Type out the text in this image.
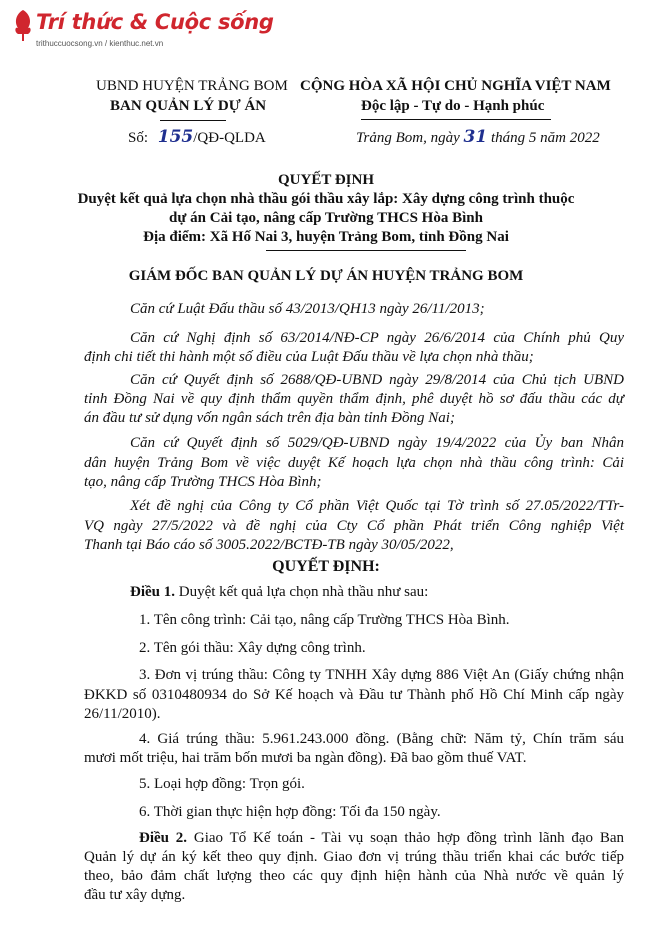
Trí thức & Cuộc sống
trithuccuocsong.vn / kienthuc.net.vn
UBND HUYỆN TRẢNG BOM
BAN QUẢN LÝ DỰ ÁN
CỘNG HÒA XÃ HỘI CHỦ NGHĨA VIỆT NAM
Độc lập - Tự do - Hạnh phúc
Số: 155/QĐ-QLDA	Trảng Bom, ngày 31 tháng 5 năm 2022
QUYẾT ĐỊNH
Duyệt kết quả lựa chọn nhà thầu gói thầu xây lắp: Xây dựng công trình thuộc
dự án Cải tạo, nâng cấp Trường THCS Hòa Bình
Địa điểm: Xã Hố Nai 3, huyện Trảng Bom, tỉnh Đồng Nai
GIÁM ĐỐC BAN QUẢN LÝ DỰ ÁN HUYỆN TRẢNG BOM
Căn cứ Luật Đấu thầu số 43/2013/QH13 ngày 26/11/2013;
Căn cứ Nghị định số 63/2014/NĐ-CP ngày 26/6/2014 của Chính phủ Quy
định chi tiết thi hành một số điều của Luật Đấu thầu về lựa chọn nhà thầu;
Căn cứ Quyết định số 2688/QĐ-UBND ngày 29/8/2014 của Chủ tịch UBND
tỉnh Đồng Nai về quy định thẩm quyền thẩm định, phê duyệt hồ sơ đấu thầu các dự
án đầu tư sử dụng vốn ngân sách trên địa bàn tỉnh Đồng Nai;
Căn cứ Quyết định số 5029/QĐ-UBND ngày 19/4/2022 của Ủy ban Nhân
dân huyện Trảng Bom về việc duyệt Kế hoạch lựa chọn nhà thầu công trình: Cải
tạo, nâng cấp Trường THCS Hòa Bình;
Xét đề nghị của Công ty Cổ phần Việt Quốc tại Tờ trình số 27.05/2022/TTr-
VQ ngày 27/5/2022 và đề nghị của Cty Cổ phần Phát triển Công nghiệp Việt
Thanh tại Báo cáo số 3005.2022/BCTĐ-TB ngày 30/05/2022,
QUYẾT ĐỊNH:
Điều 1. Duyệt kết quả lựa chọn nhà thầu như sau:
1. Tên công trình: Cải tạo, nâng cấp Trường THCS Hòa Bình.
2. Tên gói thầu: Xây dựng công trình.
3. Đơn vị trúng thầu: Công ty TNHH Xây dựng 886 Việt An (Giấy chứng nhận
ĐKKD số 0310480934 do Sở Kế hoạch và Đầu tư Thành phố Hồ Chí Minh cấp ngày
26/11/2010).
4. Giá trúng thầu: 5.961.243.000 đồng. (Bằng chữ: Năm tỷ, Chín trăm sáu
mươi mốt triệu, hai trăm bốn mươi ba ngàn đồng). Đã bao gồm thuế VAT.
5. Loại hợp đồng: Trọn gói.
6. Thời gian thực hiện hợp đồng: Tối đa 150 ngày.
Điều 2. Giao Tổ Kế toán - Tài vụ soạn thảo hợp đồng trình lãnh đạo Ban
Quản lý dự án ký kết theo quy định. Giao đơn vị trúng thầu triển khai các bước tiếp
theo, bảo đảm chất lượng theo các quy định hiện hành của Nhà nước về quản lý
đầu tư xây dựng.
